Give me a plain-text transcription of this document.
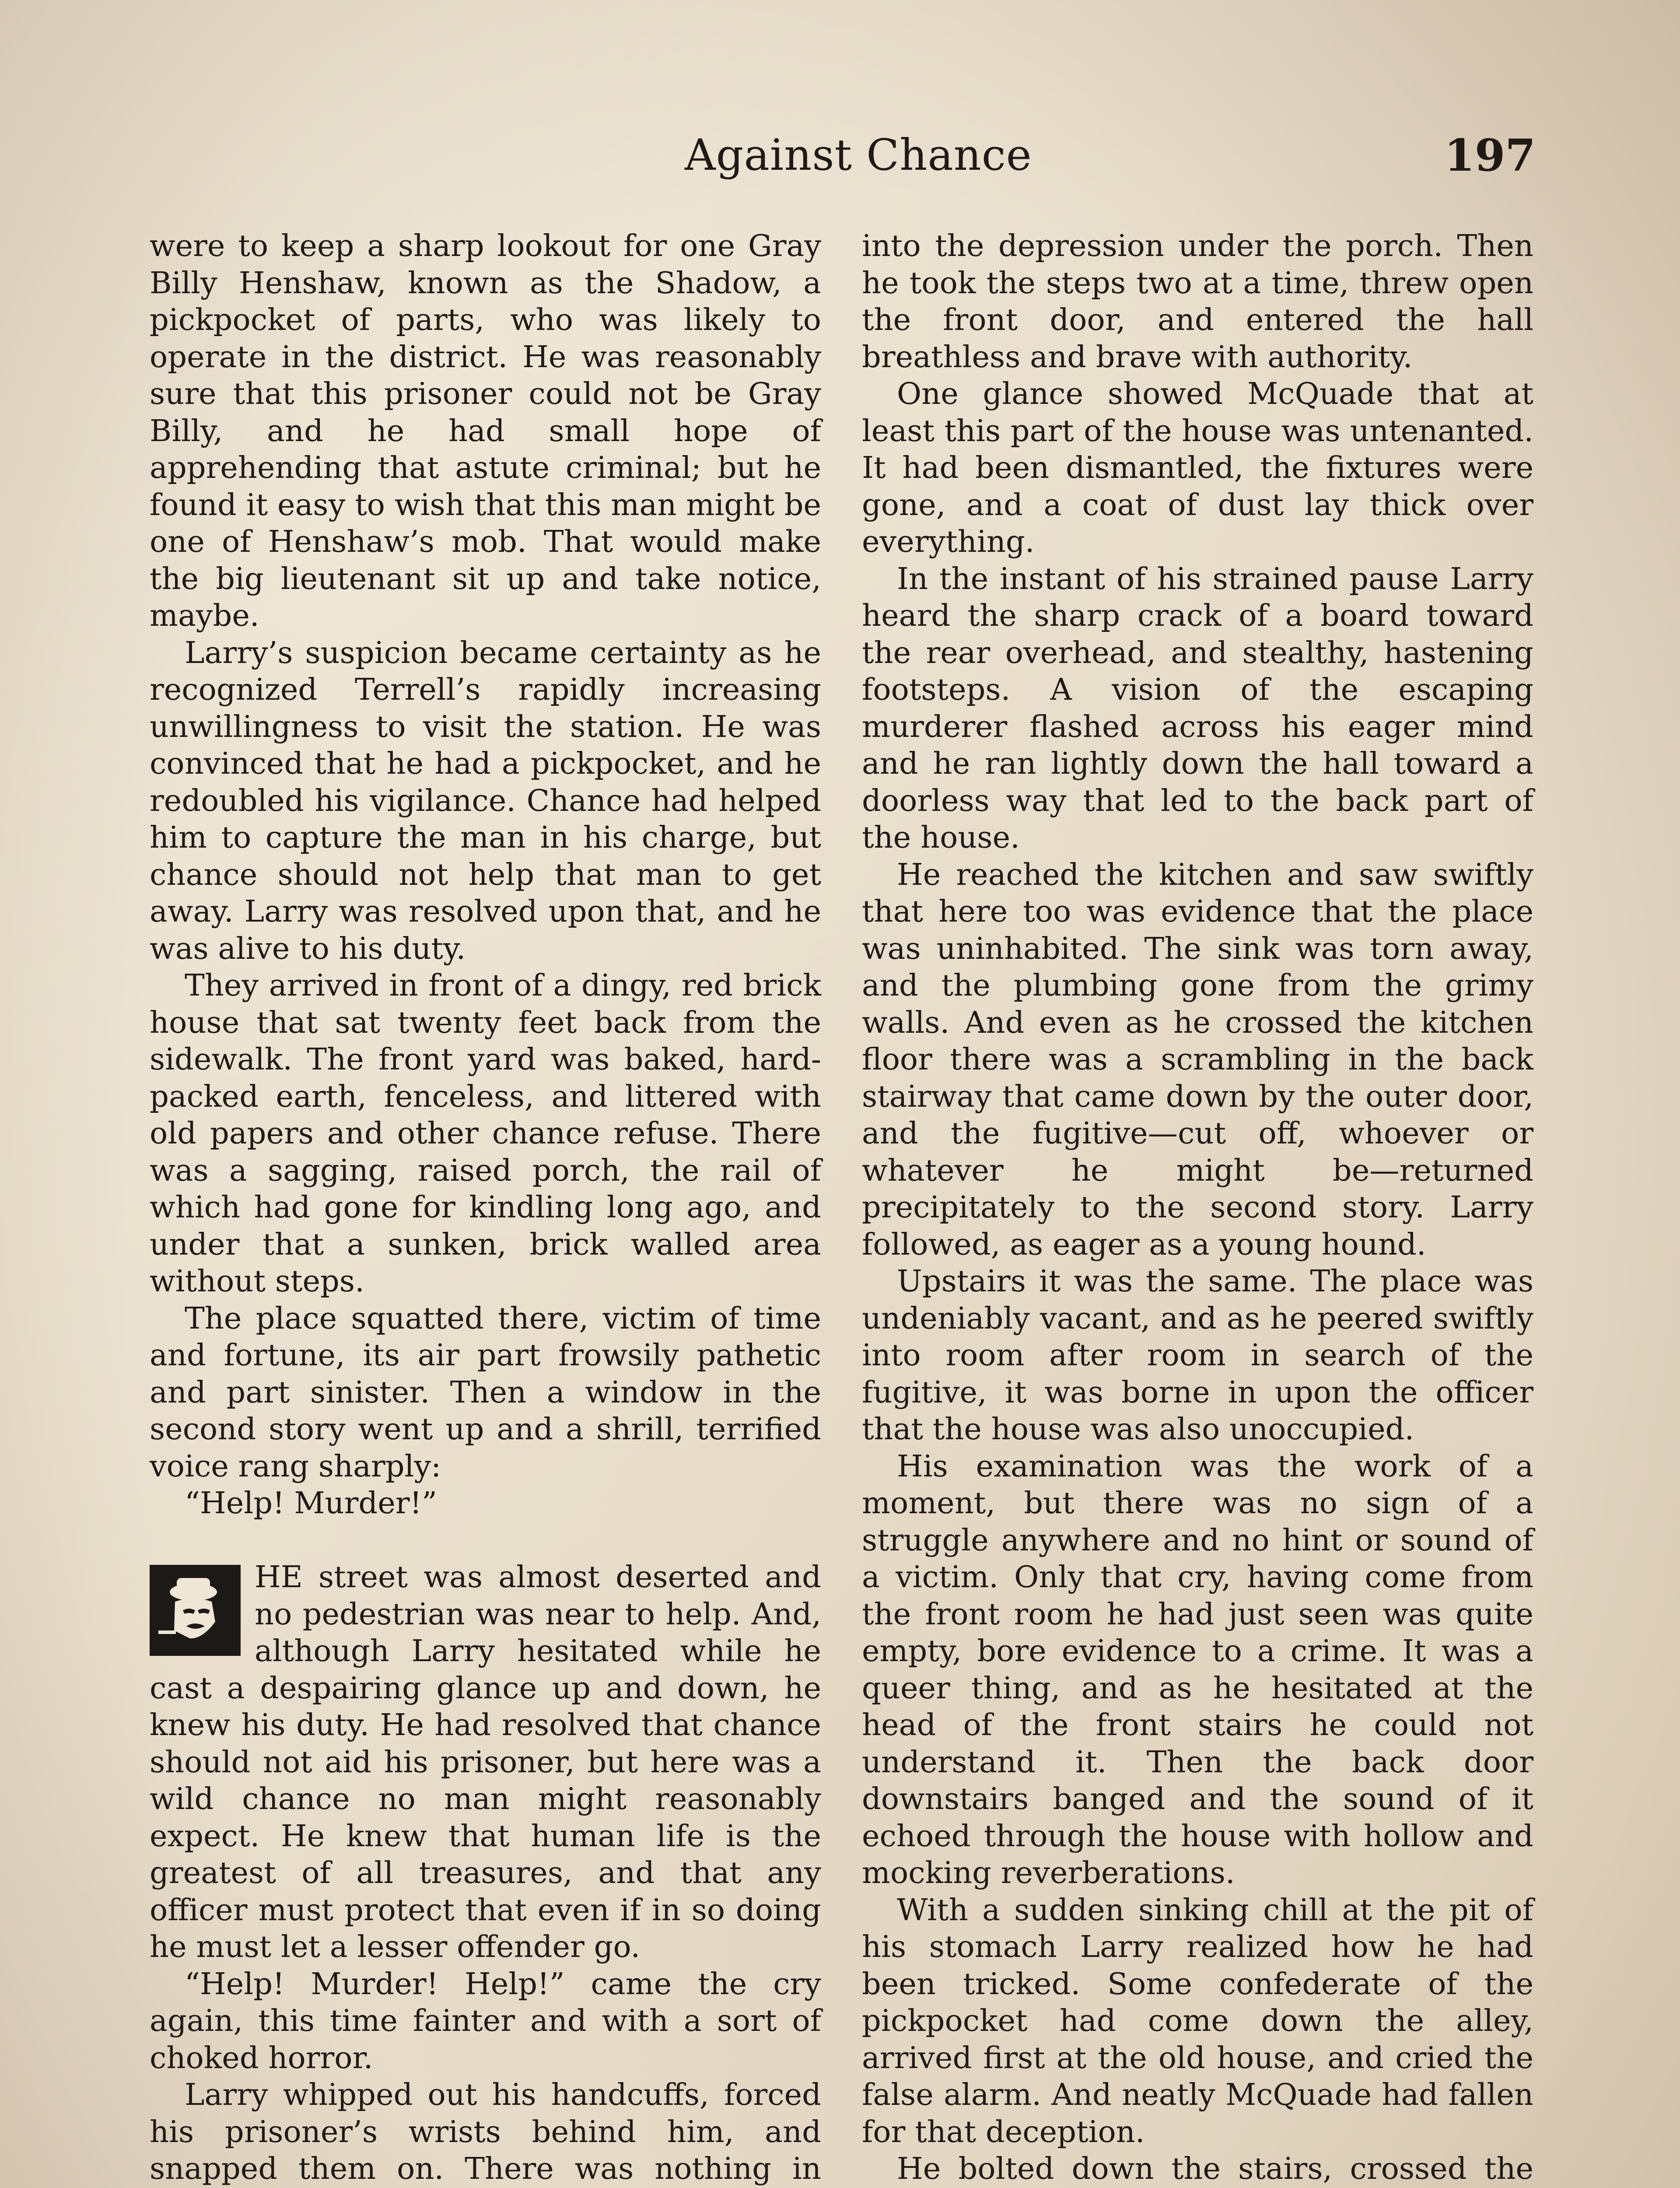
Against Chance	197

were to keep a sharp lookout for one Gray Billy Henshaw, known as the Shadow, a pickpocket of parts, who was likely to operate in the district. He was reasonably sure that this prisoner could not be Gray Billy, and he had small hope of apprehending that astute criminal; but he found it easy to wish that this man might be one of Henshaw’s mob. That would make the big lieutenant sit up and take notice, maybe.

Larry’s suspicion became certainty as he recognized Terrell’s rapidly increasing unwillingness to visit the station. He was convinced that he had a pickpocket, and he redoubled his vigilance. Chance had helped him to capture the man in his charge, but chance should not help that man to get away. Larry was resolved upon that, and he was alive to his duty.

They arrived in front of a dingy, red brick house that sat twenty feet back from the sidewalk. The front yard was baked, hard-packed earth, fenceless, and littered with old papers and other chance refuse. There was a sagging, raised porch, the rail of which had gone for kindling long ago, and under that a sunken, brick walled area without steps.

The place squatted there, victim of time and fortune, its air part frowsily pathetic and part sinister. Then a window in the second story went up and a shrill, terrified voice rang sharply:

“Help! Murder!”

HE street was almost deserted and no pedestrian was near to help. And, although Larry hesitated while he cast a despairing glance up and down, he knew his duty. He had resolved that chance should not aid his prisoner, but here was a wild chance no man might reasonably expect. He knew that human life is the greatest of all treasures, and that any officer must protect that even if in so doing he must let a lesser offender go.

“Help! Murder! Help!” came the cry again, this time fainter and with a sort of choked horror.

Larry whipped out his handcuffs, forced his prisoner’s wrists behind him, and snapped them on. There was nothing in

into the depression under the porch. Then he took the steps two at a time, threw open the front door, and entered the hall breathless and brave with authority.

One glance showed McQuade that at least this part of the house was untenanted. It had been dismantled, the fixtures were gone, and a coat of dust lay thick over everything.

In the instant of his strained pause Larry heard the sharp crack of a board toward the rear overhead, and stealthy, hastening footsteps. A vision of the escaping murderer flashed across his eager mind and he ran lightly down the hall toward a doorless way that led to the back part of the house.

He reached the kitchen and saw swiftly that here too was evidence that the place was uninhabited. The sink was torn away, and the plumbing gone from the grimy walls. And even as he crossed the kitchen floor there was a scrambling in the back stairway that came down by the outer door, and the fugitive—cut off, whoever or whatever he might be—returned precipitately to the second story. Larry followed, as eager as a young hound.

Upstairs it was the same. The place was undeniably vacant, and as he peered swiftly into room after room in search of the fugitive, it was borne in upon the officer that the house was also unoccupied.

His examination was the work of a moment, but there was no sign of a struggle anywhere and no hint or sound of a victim. Only that cry, having come from the front room he had just seen was quite empty, bore evidence to a crime. It was a queer thing, and as he hesitated at the head of the front stairs he could not understand it. Then the back door downstairs banged and the sound of it echoed through the house with hollow and mocking reverberations.

With a sudden sinking chill at the pit of his stomach Larry realized how he had been tricked. Some confederate of the pickpocket had come down the alley, arrived first at the old house, and cried the false alarm. And neatly McQuade had fallen for that deception.

He bolted down the stairs, crossed the
